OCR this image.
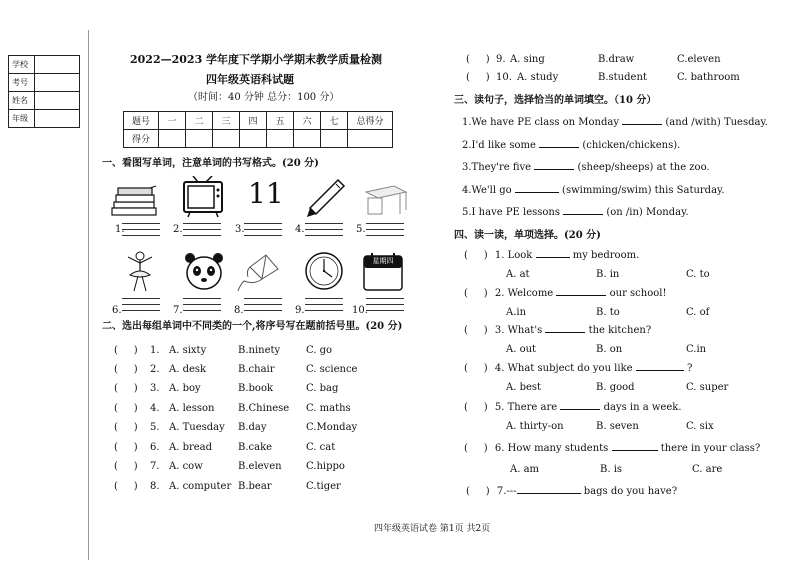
学校
考号
姓名
年级
2022—2023 学年度下学期小学期末教学质量检测
四年级英语科试题
（时间：40 分钟 总分：100 分）
题号	一	二	三	四	五	六	七	总得分
得分								
一、看图写单词，注意单词的书写格式。(20 分)
11
1.	2.	3.	4.	5.
星期四
6.	7.	8.	9.	10.
二、选出每组单词中不同类的一个,将序号写在题前括号里。(20 分)
(     ) 1. A. sixty	B.ninety	C. go
(     ) 2. A. desk	B.chair	C. science
(     ) 3. A. boy	B.book	C. bag
(     ) 4. A. lesson B.Chinese C. maths
(     ) 5. A. Tuesday B.day	C.Monday
(     ) 6. A. bread	B.cake	C. cat
(     ) 7. A. cow	B.eleven C.hippo
(     ) 8. A. computer B.bear	C.tiger
(     ) 9. A. sing	B.draw	C.eleven
(     ) 10. A. study	B.student	C. bathroom
三、读句子，选择恰当的单词填空。（10 分）
1.We have PE class on Monday	(and /with) Tuesday.
2.I'd like some	(chicken/chickens).
3.They're five	(sheep/sheeps) at the zoo.
4.We'll go	(swimming/swim) this Saturday.
5.I have PE lessons	(on /in) Monday.
四、读一读，单项选择。(20 分)
(     ) 1. Look	my bedroom.
A. at	B. in	C. to
(     ) 2. Welcome	our school!
A.in	B. to	C. of
(     ) 3. What's	the kitchen?
A. out	B. on	C.in
(     ) 4. What subject do you like	?
A. best	B. good	C. super
(     ) 5. There are	days in a week.
A. thirty-on	B. seven	C. six
(     ) 6. How many students	there in your class?
A. am	B. is	C. are
(     ) 7.---	bags do you have?
四年级英语试卷 第1页 共2页
